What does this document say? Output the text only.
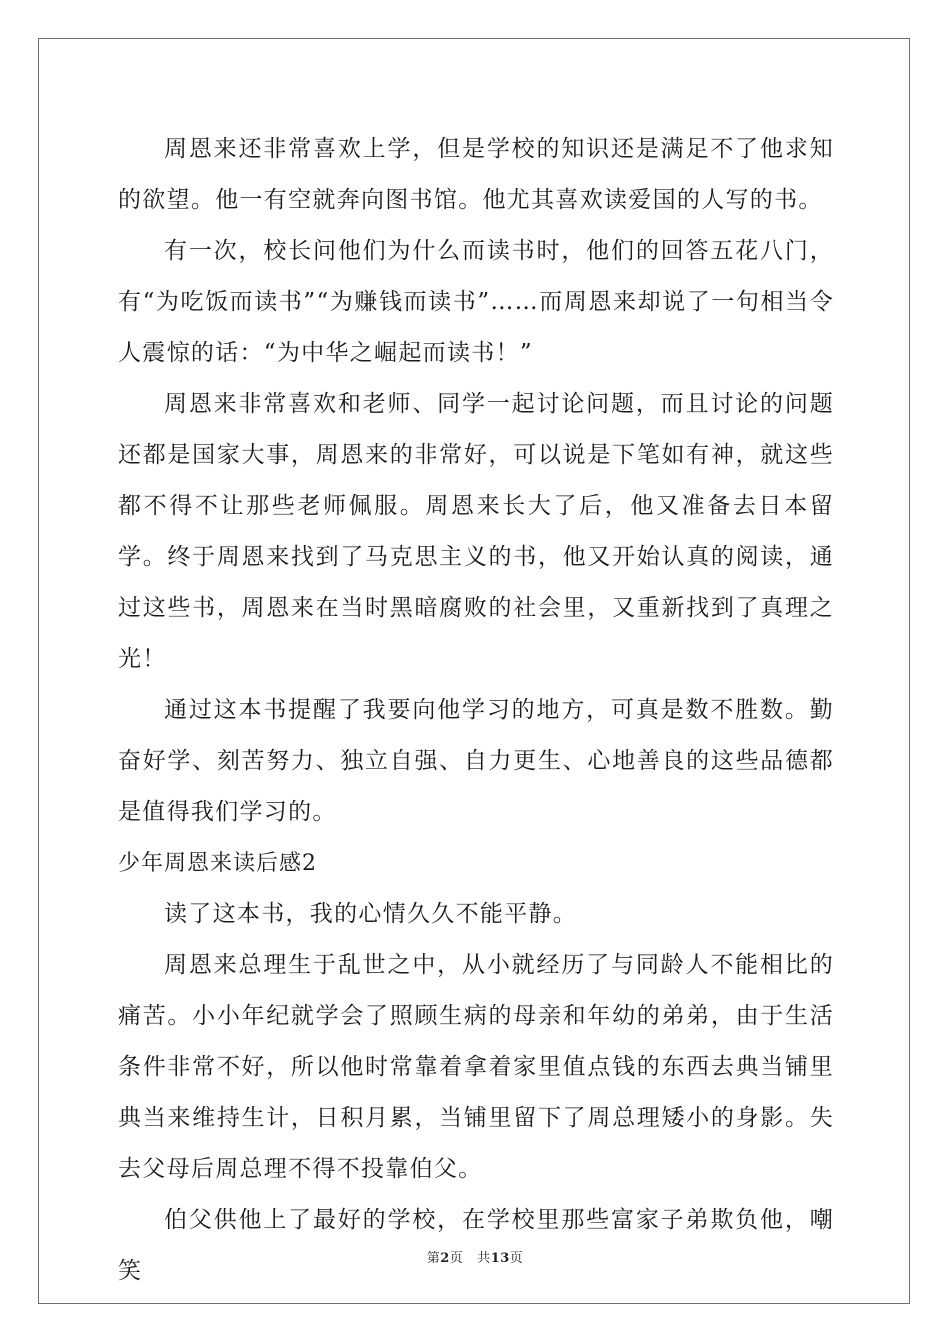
周恩来还非常喜欢上学，但是学校的知识还是满足不了他求知的欲望。他一有空就奔向图书馆。他尤其喜欢读爱国的人写的书。

有一次，校长问他们为什么而读书时，他们的回答五花八门，有“为吃饭而读书”“为赚钱而读书”……而周恩来却说了一句相当令人震惊的话：“为中华之崛起而读书！”

周恩来非常喜欢和老师、同学一起讨论问题，而且讨论的问题还都是国家大事，周恩来的非常好，可以说是下笔如有神，就这些都不得不让那些老师佩服。周恩来长大了后，他又准备去日本留学。终于周恩来找到了马克思主义的书，他又开始认真的阅读，通过这些书，周恩来在当时黑暗腐败的社会里，又重新找到了真理之光！

通过这本书提醒了我要向他学习的地方，可真是数不胜数。勤奋好学、刻苦努力、独立自强、自力更生、心地善良的这些品德都是值得我们学习的。

少年周恩来读后感2

读了这本书，我的心情久久不能平静。

周恩来总理生于乱世之中，从小就经历了与同龄人不能相比的痛苦。小小年纪就学会了照顾生病的母亲和年幼的弟弟，由于生活条件非常不好，所以他时常靠着拿着家里值点钱的东西去典当铺里典当来维持生计，日积月累，当铺里留下了周总理矮小的身影。失去父母后周总理不得不投靠伯父。

伯父供他上了最好的学校，在学校里那些富家子弟欺负他，嘲笑	第2页 共13页
